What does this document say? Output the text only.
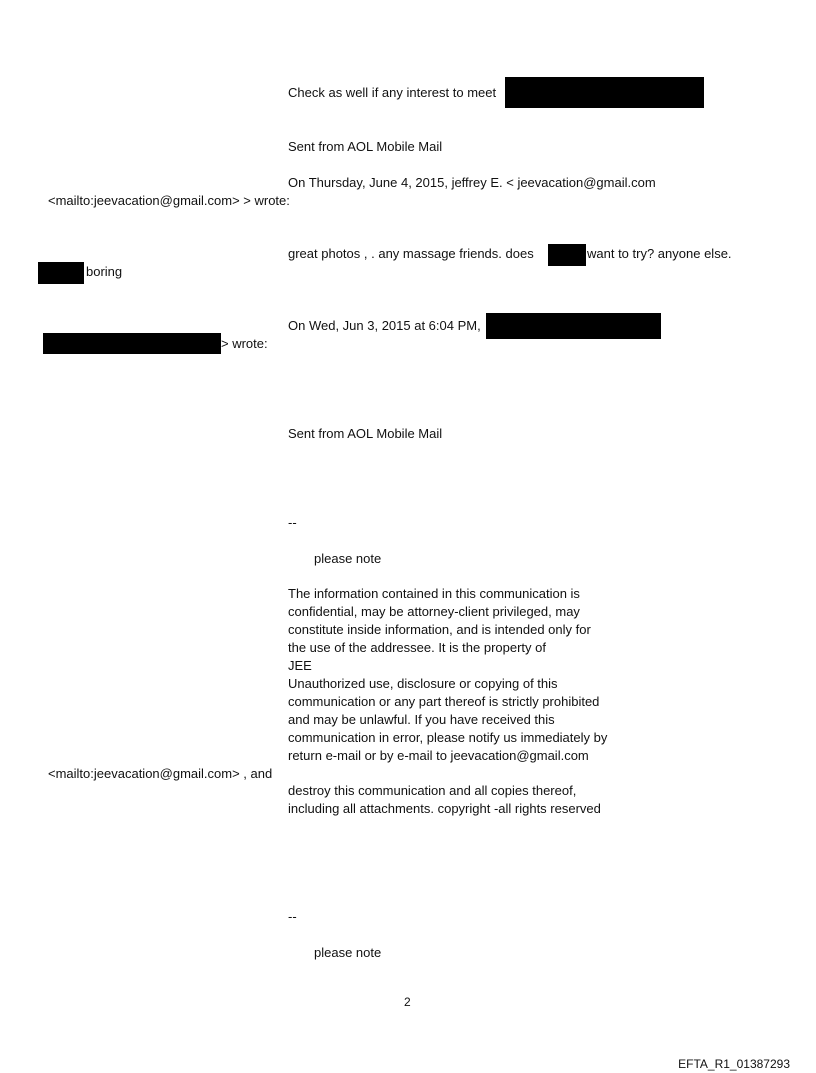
Check as well if any interest to meet
Sent from AOL Mobile Mail
On Thursday, June 4, 2015, jeffrey E. < jeevacation@gmail.com
<mailto:jeevacation@gmail.com> > wrote:
great photos , . any massage friends. does	want to try? anyone else.
boring
On Wed, Jun 3, 2015 at 6:04 PM,
> wrote:
Sent from AOL Mobile Mail
--
please note
The information contained in this communication is
confidential, may be attorney-client privileged, may
constitute inside information, and is intended only for
the use of the addressee. It is the property of
JEE
Unauthorized use, disclosure or copying of this
communication or any part thereof is strictly prohibited
and may be unlawful. If you have received this
communication in error, please notify us immediately by
return e-mail or by e-mail to jeevacation@gmail.com
<mailto:jeevacation@gmail.com> , and
destroy this communication and all copies thereof,
including all attachments. copyright -all rights reserved
--
please note
2
EFTA_R1_01387293
